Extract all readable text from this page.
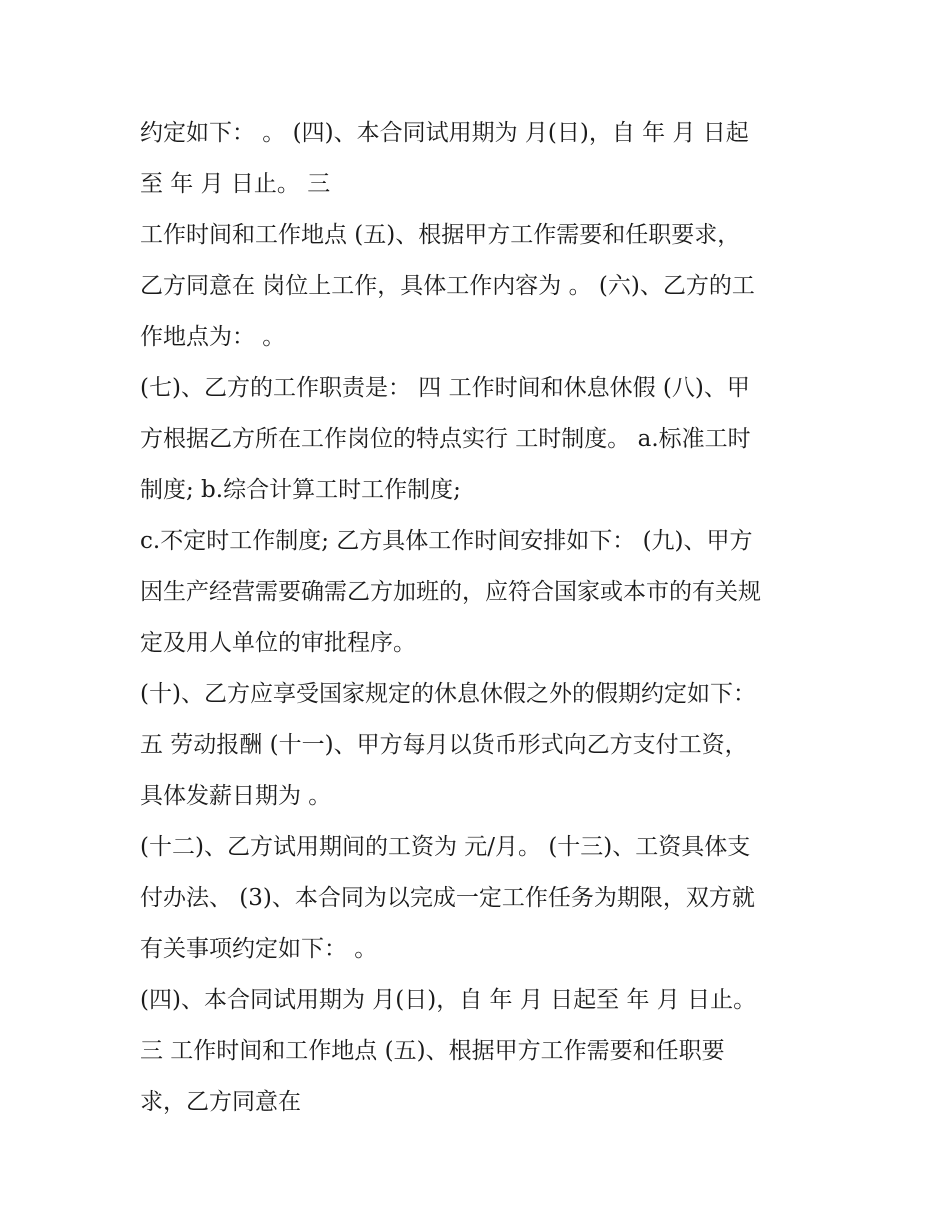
约定如下： 。 (四)、本合同试用期为 月(日)，自 年 月 日起
至 年 月 日止。 三
工作时间和工作地点 (五)、根据甲方工作需要和任职要求，
乙方同意在 岗位上工作，具体工作内容为 。 (六)、乙方的工
作地点为： 。
(七)、乙方的工作职责是： 四 工作时间和休息休假 (八)、甲
方根据乙方所在工作岗位的特点实行 工时制度。 a.标准工时
制度; b.综合计算工时工作制度;
c.不定时工作制度; 乙方具体工作时间安排如下： (九)、甲方
因生产经营需要确需乙方加班的，应符合国家或本市的有关规
定及用人单位的审批程序。
(十)、乙方应享受国家规定的休息休假之外的假期约定如下：
五 劳动报酬 (十一)、甲方每月以货币形式向乙方支付工资，
具体发薪日期为 。
(十二)、乙方试用期间的工资为 元/月。 (十三)、工资具体支
付办法、 (3)、本合同为以完成一定工作任务为期限，双方就
有关事项约定如下： 。
(四)、本合同试用期为 月(日)，自 年 月 日起至 年 月 日止。
三 工作时间和工作地点 (五)、根据甲方工作需要和任职要
求，乙方同意在
